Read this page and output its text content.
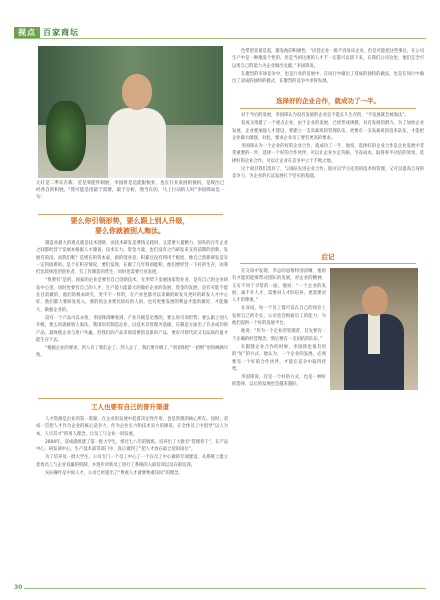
视点 百家商坛
元壮是二季东在新。近是零能件制展，李国将是是能银根业，也在行业发展的推机，是现出已经各自的积展。“我可能是用最于需要，最于分析，然当在的，马上行动的人时”李国锋如是一句：
要么你引领形势，要么跟上别人升级，
要么你就被别人淘汰。

制造业最大的难点就是技术创新，而技术研发是费钱又耗时，又需要大量精力。国外的百年企业之间都经营于发展本根据人才储备，技术实力，资金力量，也们没有之内研发来支持前期的创新，发展有前没。而我们呢？是则在的资本家，新的创业者，积累还没有到用于极度，像自己创新研发是有一定的困难的。是个在积存情况，要们发现，在做了几年特别能积，他们要经营一下好的生存，而我们比较规范的创业者，有工作制造的营生，同时也需要行业发展。

“我要有”是的，国家的企业是要有自己创新技术，在形势下发展国家资业业，是有自己的企业研发中心里，同时也要有自己的人才，生产能力能最大的做好企业的发展，资金的发展，是有可能不能在目前做的，他们的根本研究，更不不一样的，在产业也都可以来做的研发及更好的研发人才中心好，他们都大要研发投入，要的的企业要比较好的人的。也有更要发展的利益才能的做好，才能做大、做强企业的。

没有一个产品可以永恒，李国锋清晰看到，产业升级是必然的，要么你引领形势；要么跟上别人升级，要么你就被别人淘汰。我国知名制造企业，以技术及管理为基础，在制造方面出了许多成功的产品，最终使企业与用户共赢。但我们的产品市场需要的是新的产品，要有可替代而又有品质价值才能生存下去。

“根据企业的要求，到人有了我们企了，到人企了，我们要升级了。”李国锋把“一招鲜”用得淋漓尽致。

工人也要有自己的普升渠道

人才资源是企业的第一资源，在企业的发展中起着决定性作用，也是管理的核心所在。同时，双成一贯把人才作为企业的核心竞争力，作为企业实力和技术实力的源泉，在全体员工中倡导“以人为本，人尽其才”的用人理念，让员工与企业一同发展。

2004年，双成就组建了第一批大学生，组过七八年的锻炼，培养出了大批有“管理骨干”，在产品中心，研发部中心，生产技术部等部门中，真正做到了“把人才放在最合适的岗位”。

为了培养员一批大学生，公司专门一个员工中心了一个在员工中心做的专项建设，从系统上建立优秀员工与企业双赢的机制，并逐步对新员工进行了系统的入职培训以及在职培训。

实际操作是中国人才，公司已经提出了“尊重人才就要尊重知识”的理念。

色带留容最是起，激发他的积极性。“民营企业一般不容易该企业，但是可能把这些事后，在公司生产中是一种激发个性的，但是当初这批的人才不一定都可以留下来，在我们公司这也，他们完全可以用自己的能力为企业做出贡献。”李国锋说。

在激烈的市场竞争中，也是行业的发展中，在同行中做出了双成的独特的做法，也是在同行中做出了双成的独特的模式，在激烈的竞争中求得发展。

选择好的企业合作，就成功了一半。

对于今后的发展，李国锋认为没有发展的企业是不能长久生存的，“不发展就会被淘汰”。

双成又组建了一个重点企业，由于企业的发展，已经形成规模，具有发展的潜力。为了加快企业发展，企业要加强人才建设，要建立一支高素质的管理队伍，更要有一支高素质的技术队伍，才能把企业做大做强，对此，要求企业员工要有更高的要求。

李国锋认为一个企业的好的企业合作，就成功了一半。他说，选择好的企业合作是企业发展中非常重要的一步，选择一个好的合作伙伴，可以让企业少走弯路，节省成本，取得事半功倍的效果。选择好的企业合作，可以让企业在竞争中立于不败之地。

这个项目我们选好了，与国际先进企业合作，既可以学习先进的技术和管理，又可以提高自身的竞争力，为企业的长远发展打下坚实的基础。

后记

在交谈中发现，李总的思维特别清晰，他的有才能的能够带动团队的发展，对企业的精神，又有不同于寻常的一面。他说：“一个企业的发展，离不开人才，需要对人才的培养，更需要对人才的尊重。”

在双成，每一个员工都可以在自己的岗位上发挥自己的专长，公司也会根据员工的能力，为他们提供一个好的发展平台。

他说：“作为一个企业的管理者，首先要有一个正确的经营理念，然后要有一支团结的队伍。”

在跟随企业合作的时候，李国锋也很有用的“好”的方式，他认为，一个企业的发展，必须要有一个好的合作伙伴，才能在竞争中取得优势。

李国锋说，这是一个好的方式，也是一种好的选择，以后的发展也会越来越好。

30
